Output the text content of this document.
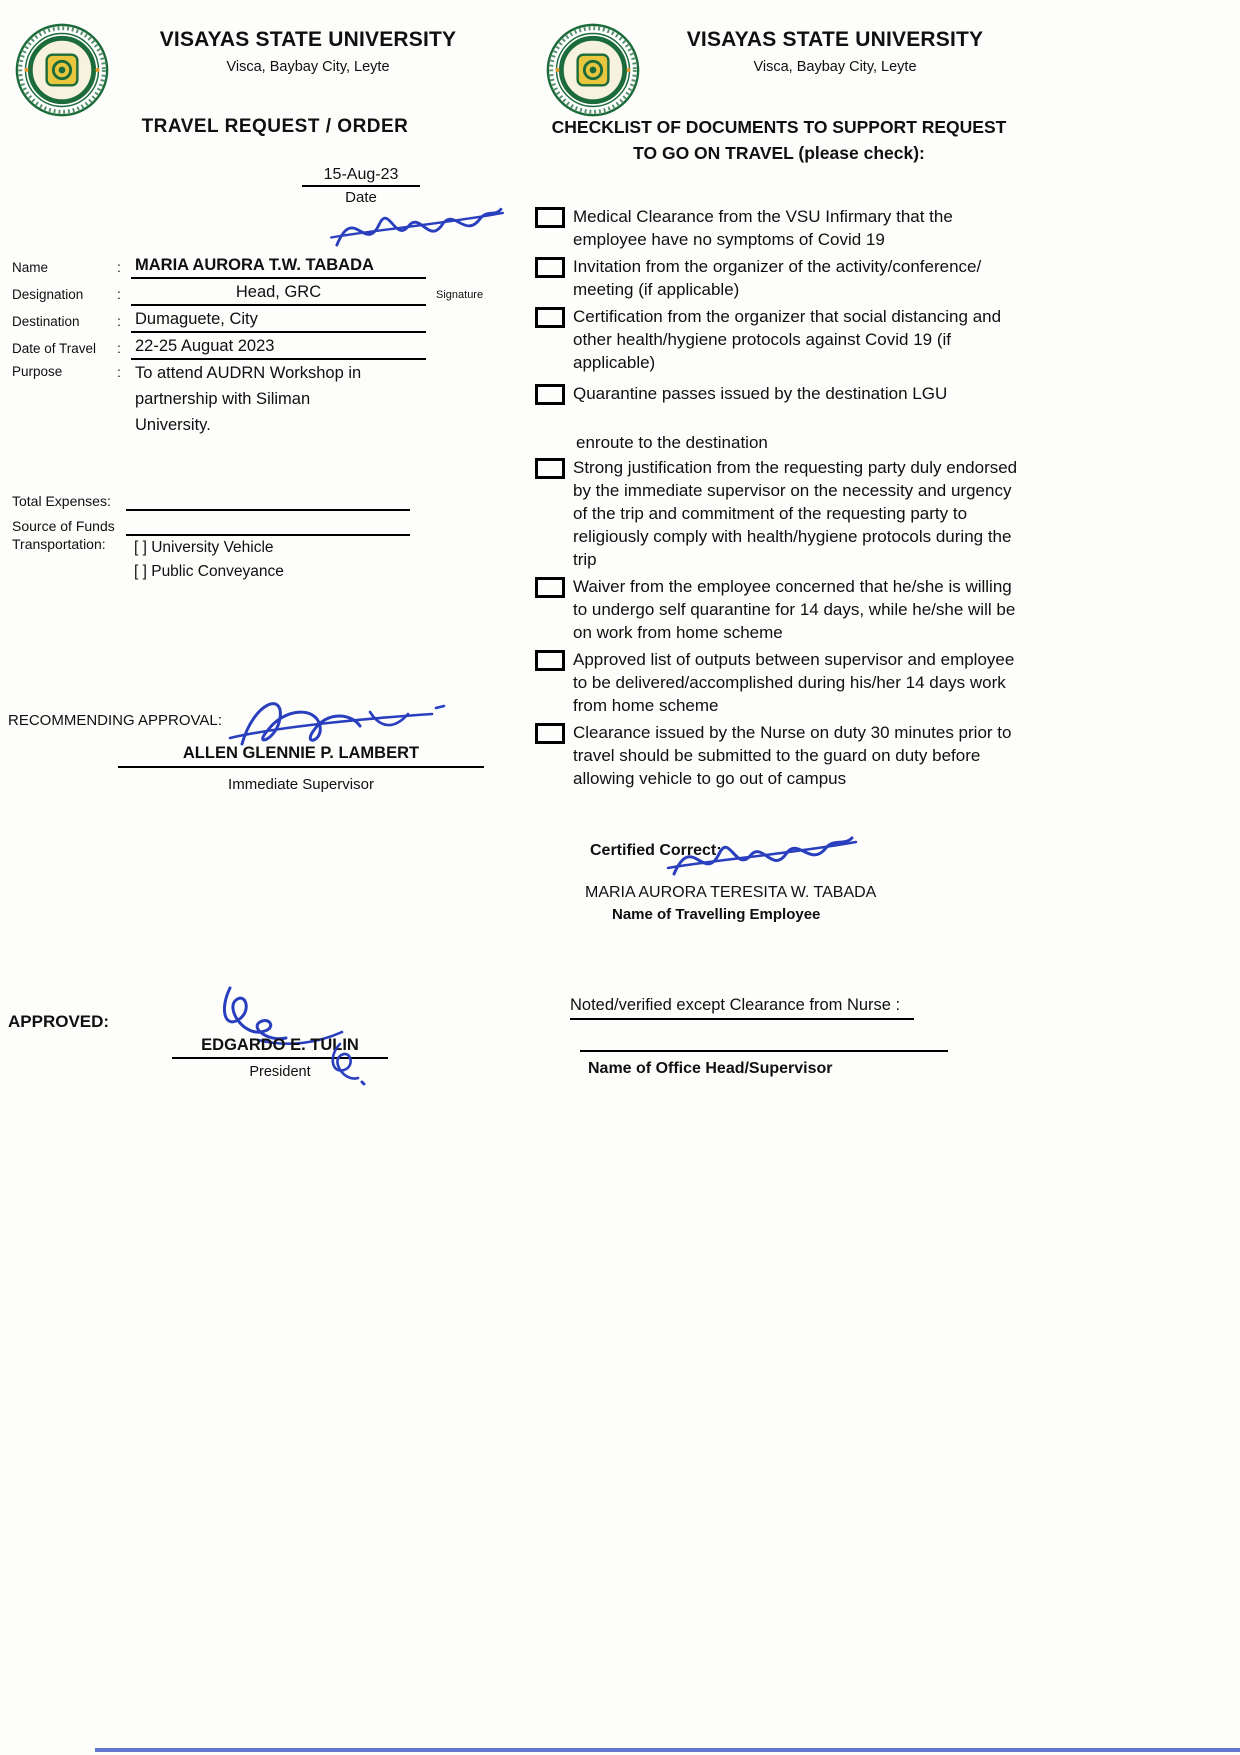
VISAYAS STATE UNIVERSITY
Visca, Baybay City, Leyte
TRAVEL REQUEST / ORDER
15-Aug-23
Date
Name	: MARIA AURORA T.W. TABADA
Designation	:	Head, GRC	Signature
Destination	: Dumaguete, City
Date of Travel	: 22-25 Auguat 2023
Purpose	: To attend AUDRN Workshop in partnership with Siliman University.
Total Expenses:
Source of Funds
Transportation:	[ ] University Vehicle
[ ] Public Conveyance
RECOMMENDING APPROVAL:
ALLEN GLENNIE P. LAMBERT
Immediate Supervisor
APPROVED:
EDGARDO E. TULIN
President
VISAYAS STATE UNIVERSITY
Visca, Baybay City, Leyte
CHECKLIST OF DOCUMENTS TO SUPPORT REQUEST
TO GO ON TRAVEL (please check):
Medical Clearance from the VSU Infirmary that the employee have no symptoms of Covid 19
Invitation from the organizer of the activity/conference/ meeting (if applicable)
Certification from the organizer that social distancing and other health/hygiene protocols against Covid 19 (if applicable)
Quarantine passes issued by the destination LGU
enroute to the destination
Strong justification from the requesting party duly endorsed by the immediate supervisor on the necessity and urgency of the trip and commitment of the requesting party to religiously comply with health/hygiene protocols during the trip
Waiver from the employee concerned that he/she is willing to undergo self quarantine for 14 days, while he/she will be on work from home scheme
Approved list of outputs between supervisor and employee to be delivered/accomplished during his/her 14 days work from home scheme
Clearance issued by the Nurse on duty 30 minutes prior to travel should be submitted to the guard on duty before allowing vehicle to go out of campus
Certified Correct:
MARIA AURORA TERESITA W. TABADA
Name of Travelling Employee
Noted/verified except Clearance from Nurse :
Name of Office Head/Supervisor
